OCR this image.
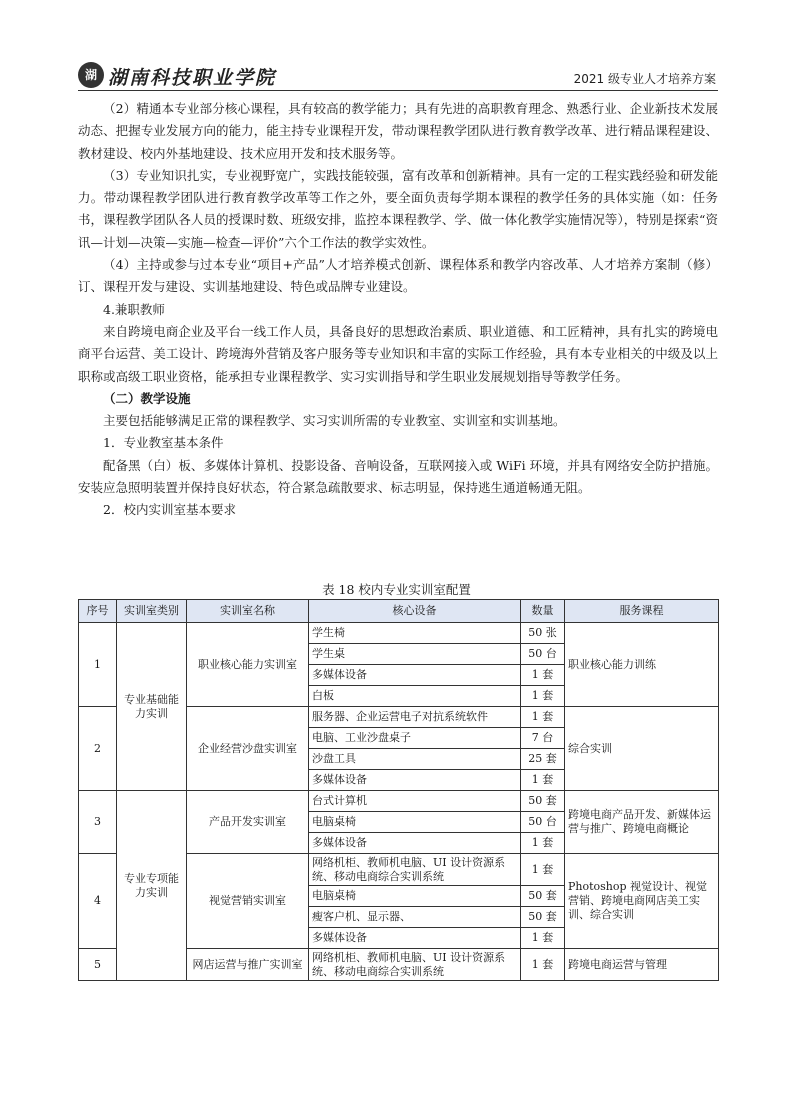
湖 湖南科技职业学院	2021 级专业人才培养方案

（2）精通本专业部分核心课程，具有较高的教学能力；具有先进的高职教育理念、熟悉行业、企业新技术发展动态、把握专业发展方向的能力，能主持专业课程开发，带动课程教学团队进行教育教学改革、进行精品课程建设、教材建设、校内外基地建设、技术应用开发和技术服务等。

（3）专业知识扎实，专业视野宽广，实践技能较强，富有改革和创新精神。具有一定的工程实践经验和研发能力。带动课程教学团队进行教育教学改革等工作之外，要全面负责每学期本课程的教学任务的具体实施（如：任务书，课程教学团队各人员的授课时数、班级安排，监控本课程教学、学、做一体化教学实施情况等），特别是探索“资讯—计划—决策—实施—检查—评价”六个工作法的教学实效性。

（4）主持或参与过本专业“项目+产品”人才培养模式创新、课程体系和教学内容改革、人才培养方案制（修）订、课程开发与建设、实训基地建设、特色或品牌专业建设。

4.兼职教师

来自跨境电商企业及平台一线工作人员，具备良好的思想政治素质、职业道德、和工匠精神，具有扎实的跨境电商平台运营、美工设计、跨境海外营销及客户服务等专业知识和丰富的实际工作经验，具有本专业相关的中级及以上职称或高级工职业资格，能承担专业课程教学、实习实训指导和学生职业发展规划指导等教学任务。

（二）教学设施

主要包括能够满足正常的课程教学、实习实训所需的专业教室、实训室和实训基地。

1．专业教室基本条件

配备黑（白）板、多媒体计算机、投影设备、音响设备，互联网接入或 WiFi 环境，并具有网络安全防护措施。安装应急照明装置并保持良好状态，符合紧急疏散要求、标志明显，保持逃生通道畅通无阻。

2．校内实训室基本要求

表 18 校内专业实训室配置
序号	实训室类别	实训室名称	核心设备	数量	服务课程
1	专业基础能力实训	职业核心能力实训室	学生椅	50 张	职业核心能力训练
			学生桌	50 台	
			多媒体设备	1 套	
			白板	1 套	
2		企业经营沙盘实训室	服务器、企业运营电子对抗系统软件	1 套	综合实训
			电脑、工业沙盘桌子	7 台	
			沙盘工具	25 套	
			多媒体设备	1 套	
3	专业专项能力实训	产品开发实训室	台式计算机	50 套	跨境电商产品开发、新媒体运营与推广、跨境电商概论
			电脑桌椅	50 台	
			多媒体设备	1 套	
4		视觉营销实训室	网络机柜、教师机电脑、UI 设计资源系统、移动电商综合实训系统	1 套	Photoshop 视觉设计、视觉营销、跨境电商网店美工实训、综合实训
			电脑桌椅	50 套	
			瘦客户机、显示器、	50 套	
			多媒体设备	1 套	
5		网店运营与推广实训室	网络机柜、教师机电脑、UI 设计资源系统、移动电商综合实训系统	1 套	跨境电商运营与管理
